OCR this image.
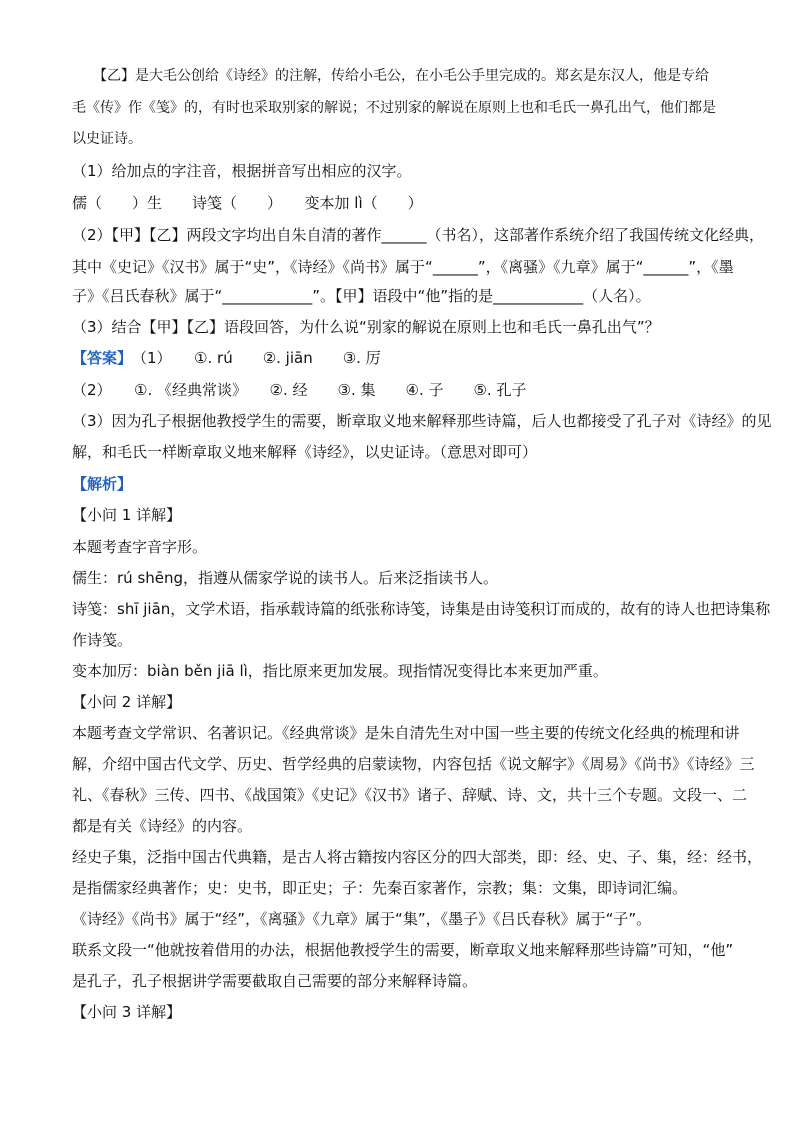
　　【乙】是大毛公创给《诗经》的注解，传给小毛公，在小毛公手里完成的。郑玄是东汉人，他是专给
毛《传》作《笺》的，有时也采取别家的解说；不过别家的解说在原则上也和毛氏一鼻孔出气，他们都是
以史证诗。
（1）给加点的字注音，根据拼音写出相应的汉字。
儒（　　）生　　诗笺（　　）　　变本加 lì（　　）
（2）【甲】【乙】两段文字均出自朱自清的著作______（书名），这部著作系统介绍了我国传统文化经典，
其中《史记》《汉书》属于“史”，《诗经》《尚书》属于“______”，《离骚》《九章》属于“______”，《墨
子》《吕氏春秋》属于“____________”。【甲】语段中“他”指的是____________（人名）。
（3）结合【甲】【乙】语段回答，为什么说“别家的解说在原则上也和毛氏一鼻孔出气”？
【答案】 （1）　　①. rú　　②. jiān　　③. 厉
（2）　　①. 《经典常谈》　　②. 经　　③. 集　　④. 子　　⑤. 孔子
（3）因为孔子根据他教授学生的需要，断章取义地来解释那些诗篇，后人也都接受了孔子对《诗经》的见
解，和毛氏一样断章取义地来解释《诗经》，以史证诗。（意思对即可）
【解析】
【小问 1 详解】
本题考查字音字形。
儒生：rú shēng，指遵从儒家学说的读书人。后来泛指读书人。
诗笺：shī jiān，文学术语，指承载诗篇的纸张称诗笺，诗集是由诗笺积订而成的，故有的诗人也把诗集称
作诗笺。
变本加厉：biàn běn jiā lì，指比原来更加发展。现指情况变得比本来更加严重。
【小问 2 详解】
本题考查文学常识、名著识记。《经典常谈》是朱自清先生对中国一些主要的传统文化经典的梳理和讲
解，介绍中国古代文学、历史、哲学经典的启蒙读物，内容包括《说文解字》《周易》《尚书》《诗经》三
礼、《春秋》三传、四书、《战国策》《史记》《汉书》诸子、辞赋、诗、文，共十三个专题。文段一、二
都是有关《诗经》的内容。
经史子集，泛指中国古代典籍，是古人将古籍按内容区分的四大部类，即：经、史、子、集，经：经书，
是指儒家经典著作；史：史书，即正史；子：先秦百家著作，宗教；集：文集，即诗词汇编。
《诗经》《尚书》属于“经”，《离骚》《九章》属于“集”，《墨子》《吕氏春秋》属于“子”。
联系文段一“他就按着借用的办法，根据他教授学生的需要，断章取义地来解释那些诗篇”可知，“他”
是孔子，孔子根据讲学需要截取自己需要的部分来解释诗篇。
【小问 3 详解】
